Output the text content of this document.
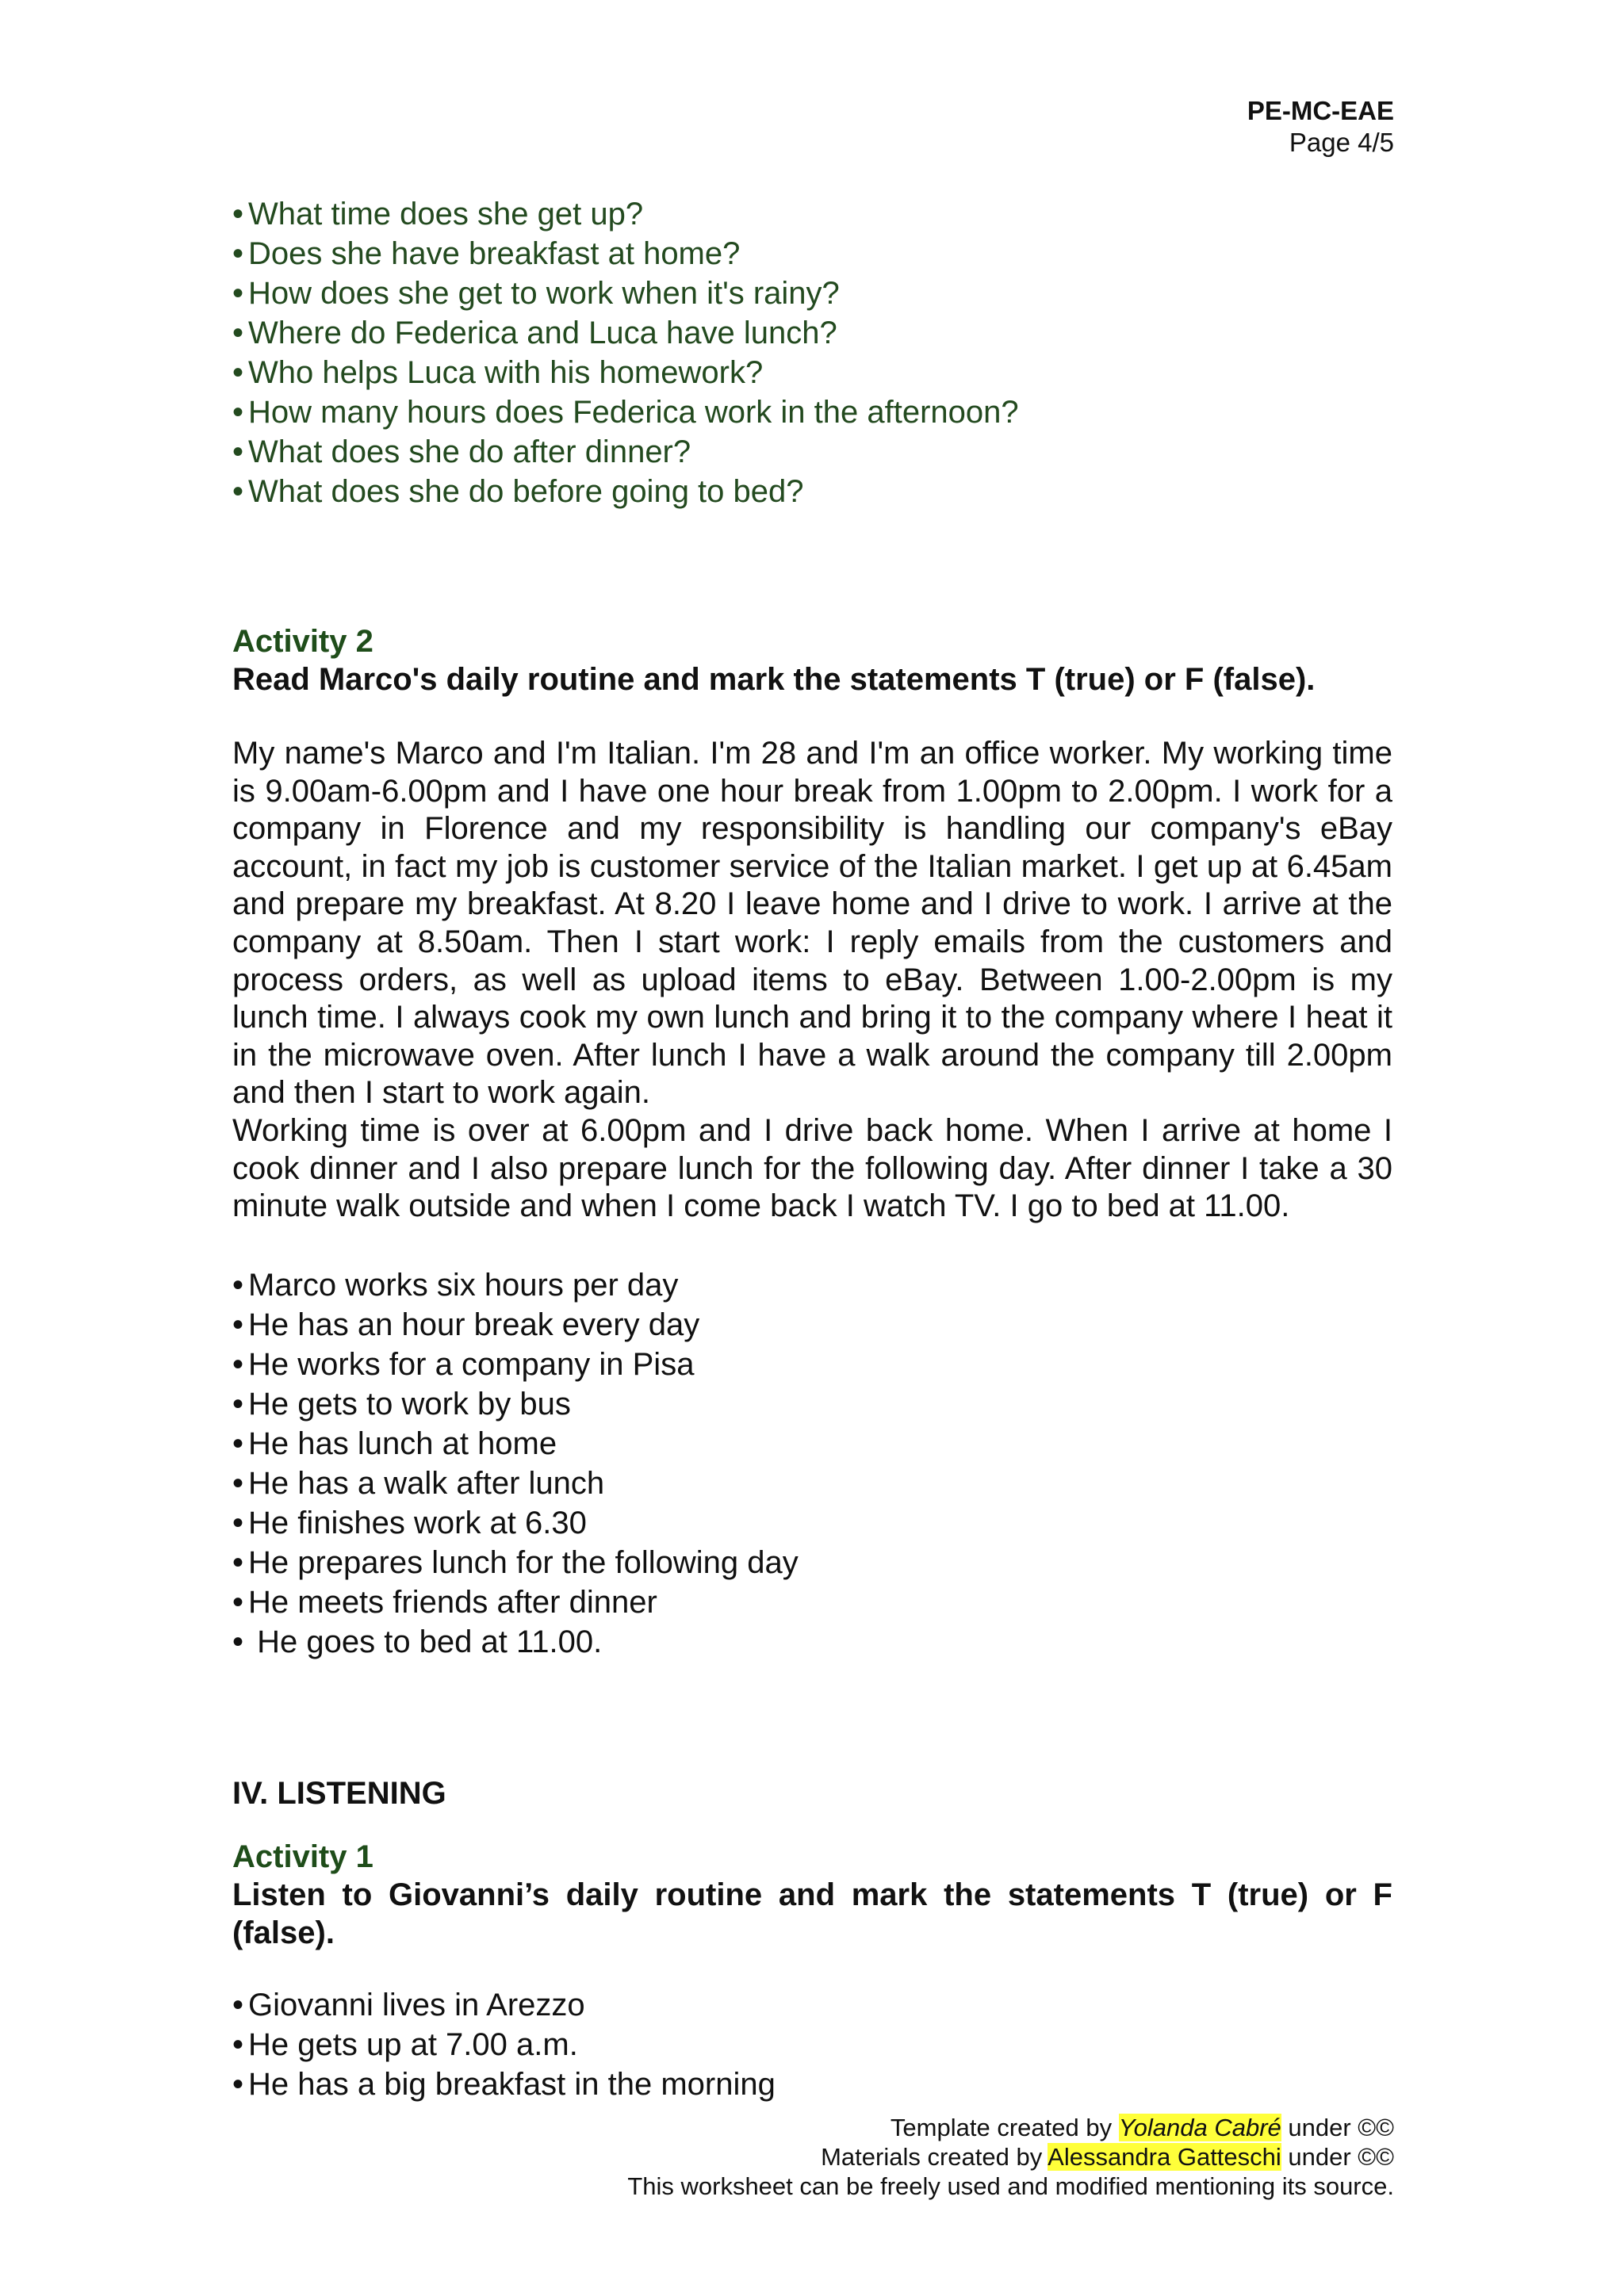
PE-MC-EAE
Page 4/5
• What time does she get up?
• Does she have breakfast at home?
• How does she get to work when it's rainy?
• Where do Federica and Luca have lunch?
• Who helps Luca with his homework?
• How many hours does Federica work in the afternoon?
• What does she do after dinner?
• What does she do before going to bed?
Activity 2
Read Marco's daily routine and mark the statements T (true) or F (false).

My name's Marco and I'm Italian. I'm 28 and I'm an office worker. My working time is 9.00am-6.00pm and I have one hour break from 1.00pm to 2.00pm. I work for a company in Florence and my responsibility is handling our company's eBay account, in fact my job is customer service of the Italian market. I get up at 6.45am and prepare my breakfast. At 8.20 I leave home and I drive to work. I arrive at the company at 8.50am. Then I start work: I reply emails from the customers and process orders, as well as upload items to eBay. Between 1.00-2.00pm is my lunch time. I always cook my own lunch and bring it to the company where I heat it in the microwave oven. After lunch I have a walk around the company till 2.00pm and then I start to work again.

Working time is over at 6.00pm and I drive back home. When I arrive at home I cook dinner and I also prepare lunch for the following day. After dinner I take a 30 minute walk outside and when I come back I watch TV. I go to bed at 11.00.

• Marco works six hours per day
• He has an hour break every day
• He works for a company in Pisa
• He gets to work by bus
• He has lunch at home
• He has a walk after lunch
• He finishes work at 6.30
• He prepares lunch for the following day
• He meets friends after dinner
• He goes to bed at 11.00.
IV. LISTENING
Activity 1
Listen to Giovanni’s daily routine and mark the statements T (true) or F (false).
• Giovanni lives in Arezzo
• He gets up at 7.00 a.m.
• He has a big breakfast in the morning
Template created by Yolanda Cabré under ©©
Materials created by Alessandra Gatteschi under ©©
This worksheet can be freely used and modified mentioning its source.
